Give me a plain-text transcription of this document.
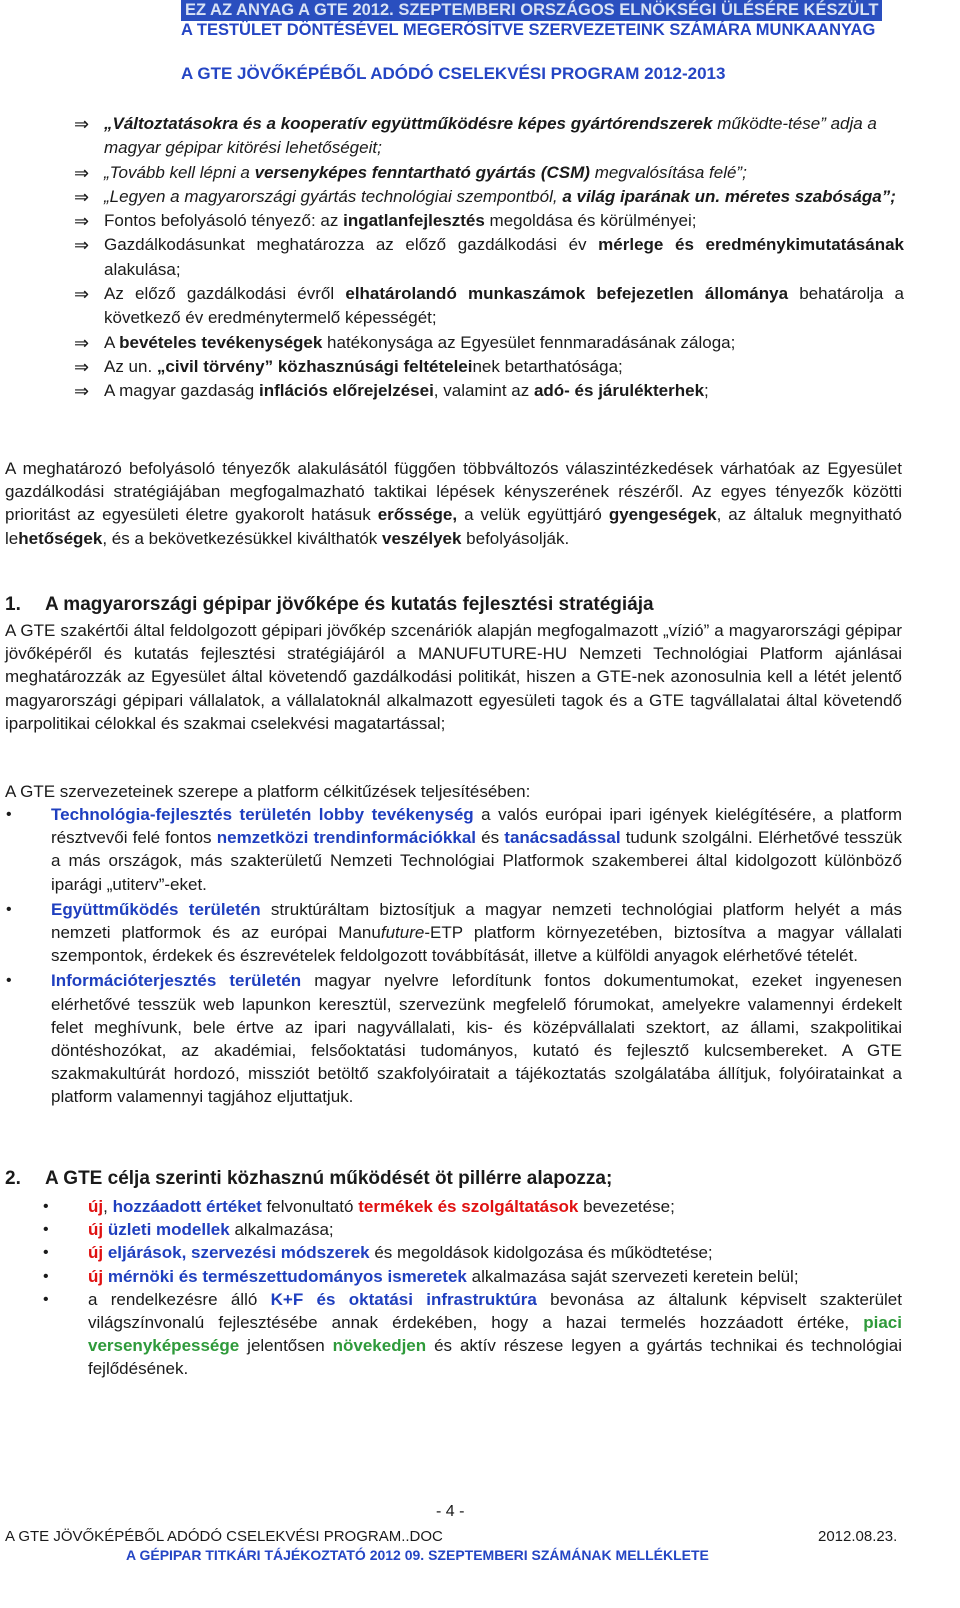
EZ AZ ANYAG A GTE 2012. SZEPTEMBERI ORSZÁGOS ELNÖKSÉGI ÜLÉSÉRE KÉSZÜLT
A TESTÜLET DÖNTÉSÉVEL MEGERŐSÍTVE SZERVEZETEINK SZÁMÁRA MUNKAANYAG
A GTE JÖVŐKÉPÉBŐL ADÓDÓ CSELEKVÉSI PROGRAM 2012-2013
⇒ „Változtatásokra és a kooperatív együttműködésre képes gyártórendszerek működte-tése” adja a magyar gépipar kitörési lehetőségeit;
⇒ „Tovább kell lépni a versenyképes fenntartható gyártás (CSM) megvalósítása felé”;
⇒ „Legyen a magyarországi gyártás technológiai szempontból, a világ iparának un. méretes szabósága”;
⇒ Fontos befolyásoló tényező: az ingatlanfejlesztés megoldása és körülményei;
⇒ Gazdálkodásunkat meghatározza az előző gazdálkodási év mérlege és eredménykimutatásának alakulása;
⇒ Az előző gazdálkodási évről elhatárolandó munkaszámok befejezetlen állománya behatárolja a következő év eredménytermelő képességét;
⇒ A bevételes tevékenységek hatékonysága az Egyesület fennmaradásának záloga;
⇒ Az un. „civil törvény” közhasznúsági feltételeinek betarthatósága;
⇒ A magyar gazdaság inflációs előrejelzései, valamint az adó- és járulékterhek;
A meghatározó befolyásoló tényezők alakulásától függően többváltozós válaszintézkedések várhatóak az Egyesület gazdálkodási stratégiájában megfogalmazható taktikai lépések kényszerének részéről. Az egyes tényezők közötti prioritást az egyesületi életre gyakorolt hatásuk erőssége, a velük együttjáró gyengeségek, az általuk megnyitható lehetőségek, és a bekövetkezésükkel kiválthatók veszélyek befolyásolják.
1. A magyarországi gépipar jövőképe és kutatás fejlesztési stratégiája
A GTE szakértői által feldolgozott gépipari jövőkép szcenáriók alapján megfogalmazott „vízió” a magyarországi gépipar jövőképéről és kutatás fejlesztési stratégiájáról a MANUFUTURE-HU Nemzeti Technológiai Platform ajánlásai meghatározzák az Egyesület által követendő gazdálkodási politikát, hiszen a GTE-nek azonosulnia kell a létét jelentő magyarországi gépipari vállalatok, a vállalatoknál alkalmazott egyesületi tagok és a GTE tagvállalatai által követendő iparpolitikai célokkal és szakmai cselekvési magatartással;
A GTE szervezeteinek szerepe a platform célkitűzések teljesítésében:
• Technológia-fejlesztés területén lobby tevékenység a valós európai ipari igények kielégítésére, a platform résztvevői felé fontos nemzetközi trendinformációkkal és tanácsadással tudunk szolgálni. Elérhetővé tesszük a más országok, más szakterületű Nemzeti Technológiai Platformok szakemberei által kidolgozott különböző iparági „utiterv”-eket.
• Együttműködés területén struktúráltam biztosítjuk a magyar nemzeti technológiai platform helyét a más nemzeti platformok és az európai Manufuture-ETP platform környezetében, biztosítva a magyar vállalati szempontok, érdekek és észrevételek feldolgozott továbbítását, illetve a külföldi anyagok elérhetővé tételét.
• Információterjesztés területén magyar nyelvre lefordítunk fontos dokumentumokat, ezeket ingyenesen elérhetővé tesszük web lapunkon keresztül, szervezünk megfelelő fórumokat, amelyekre valamennyi érdekelt felet meghívunk, bele értve az ipari nagyvállalati, kis- és középvállalati szektort, az állami, szakpolitikai döntéshozókat, az akadémiai, felsőoktatási tudományos, kutató és fejlesztő kulcsembereket. A GTE szakmakultúrát hordozó, missziót betöltő szakfolyóiratait a tájékoztatás szolgálatába állítjuk, folyóiratainkat a platform valamennyi tagjához eljuttatjuk.
2. A GTE célja szerinti közhasznú működését öt pillérre alapozza;
• új, hozzáadott értéket felvonultató termékek és szolgáltatások bevezetése;
• új üzleti modellek alkalmazása;
• új eljárások, szervezési módszerek és megoldások kidolgozása és működtetése;
• új mérnöki és természettudományos ismeretek alkalmazása saját szervezeti keretein belül;
• a rendelkezésre álló K+F és oktatási infrastruktúra bevonása az általunk képviselt szakterület világszínvonalú fejlesztésébe annak érdekében, hogy a hazai termelés hozzáadott értéke, piaci versenyképessége jelentősen növekedjen és aktív részese legyen a gyártás technikai és technológiai fejlődésének.
- 4 -
A GTE JÖVŐKÉPÉBŐL ADÓDÓ CSELEKVÉSI PROGRAM..DOC	2012.08.23.
A GÉPIPAR TITKÁRI TÁJÉKOZTATÓ 2012 09. SZEPTEMBERI SZÁMÁNAK MELLÉKLETE
